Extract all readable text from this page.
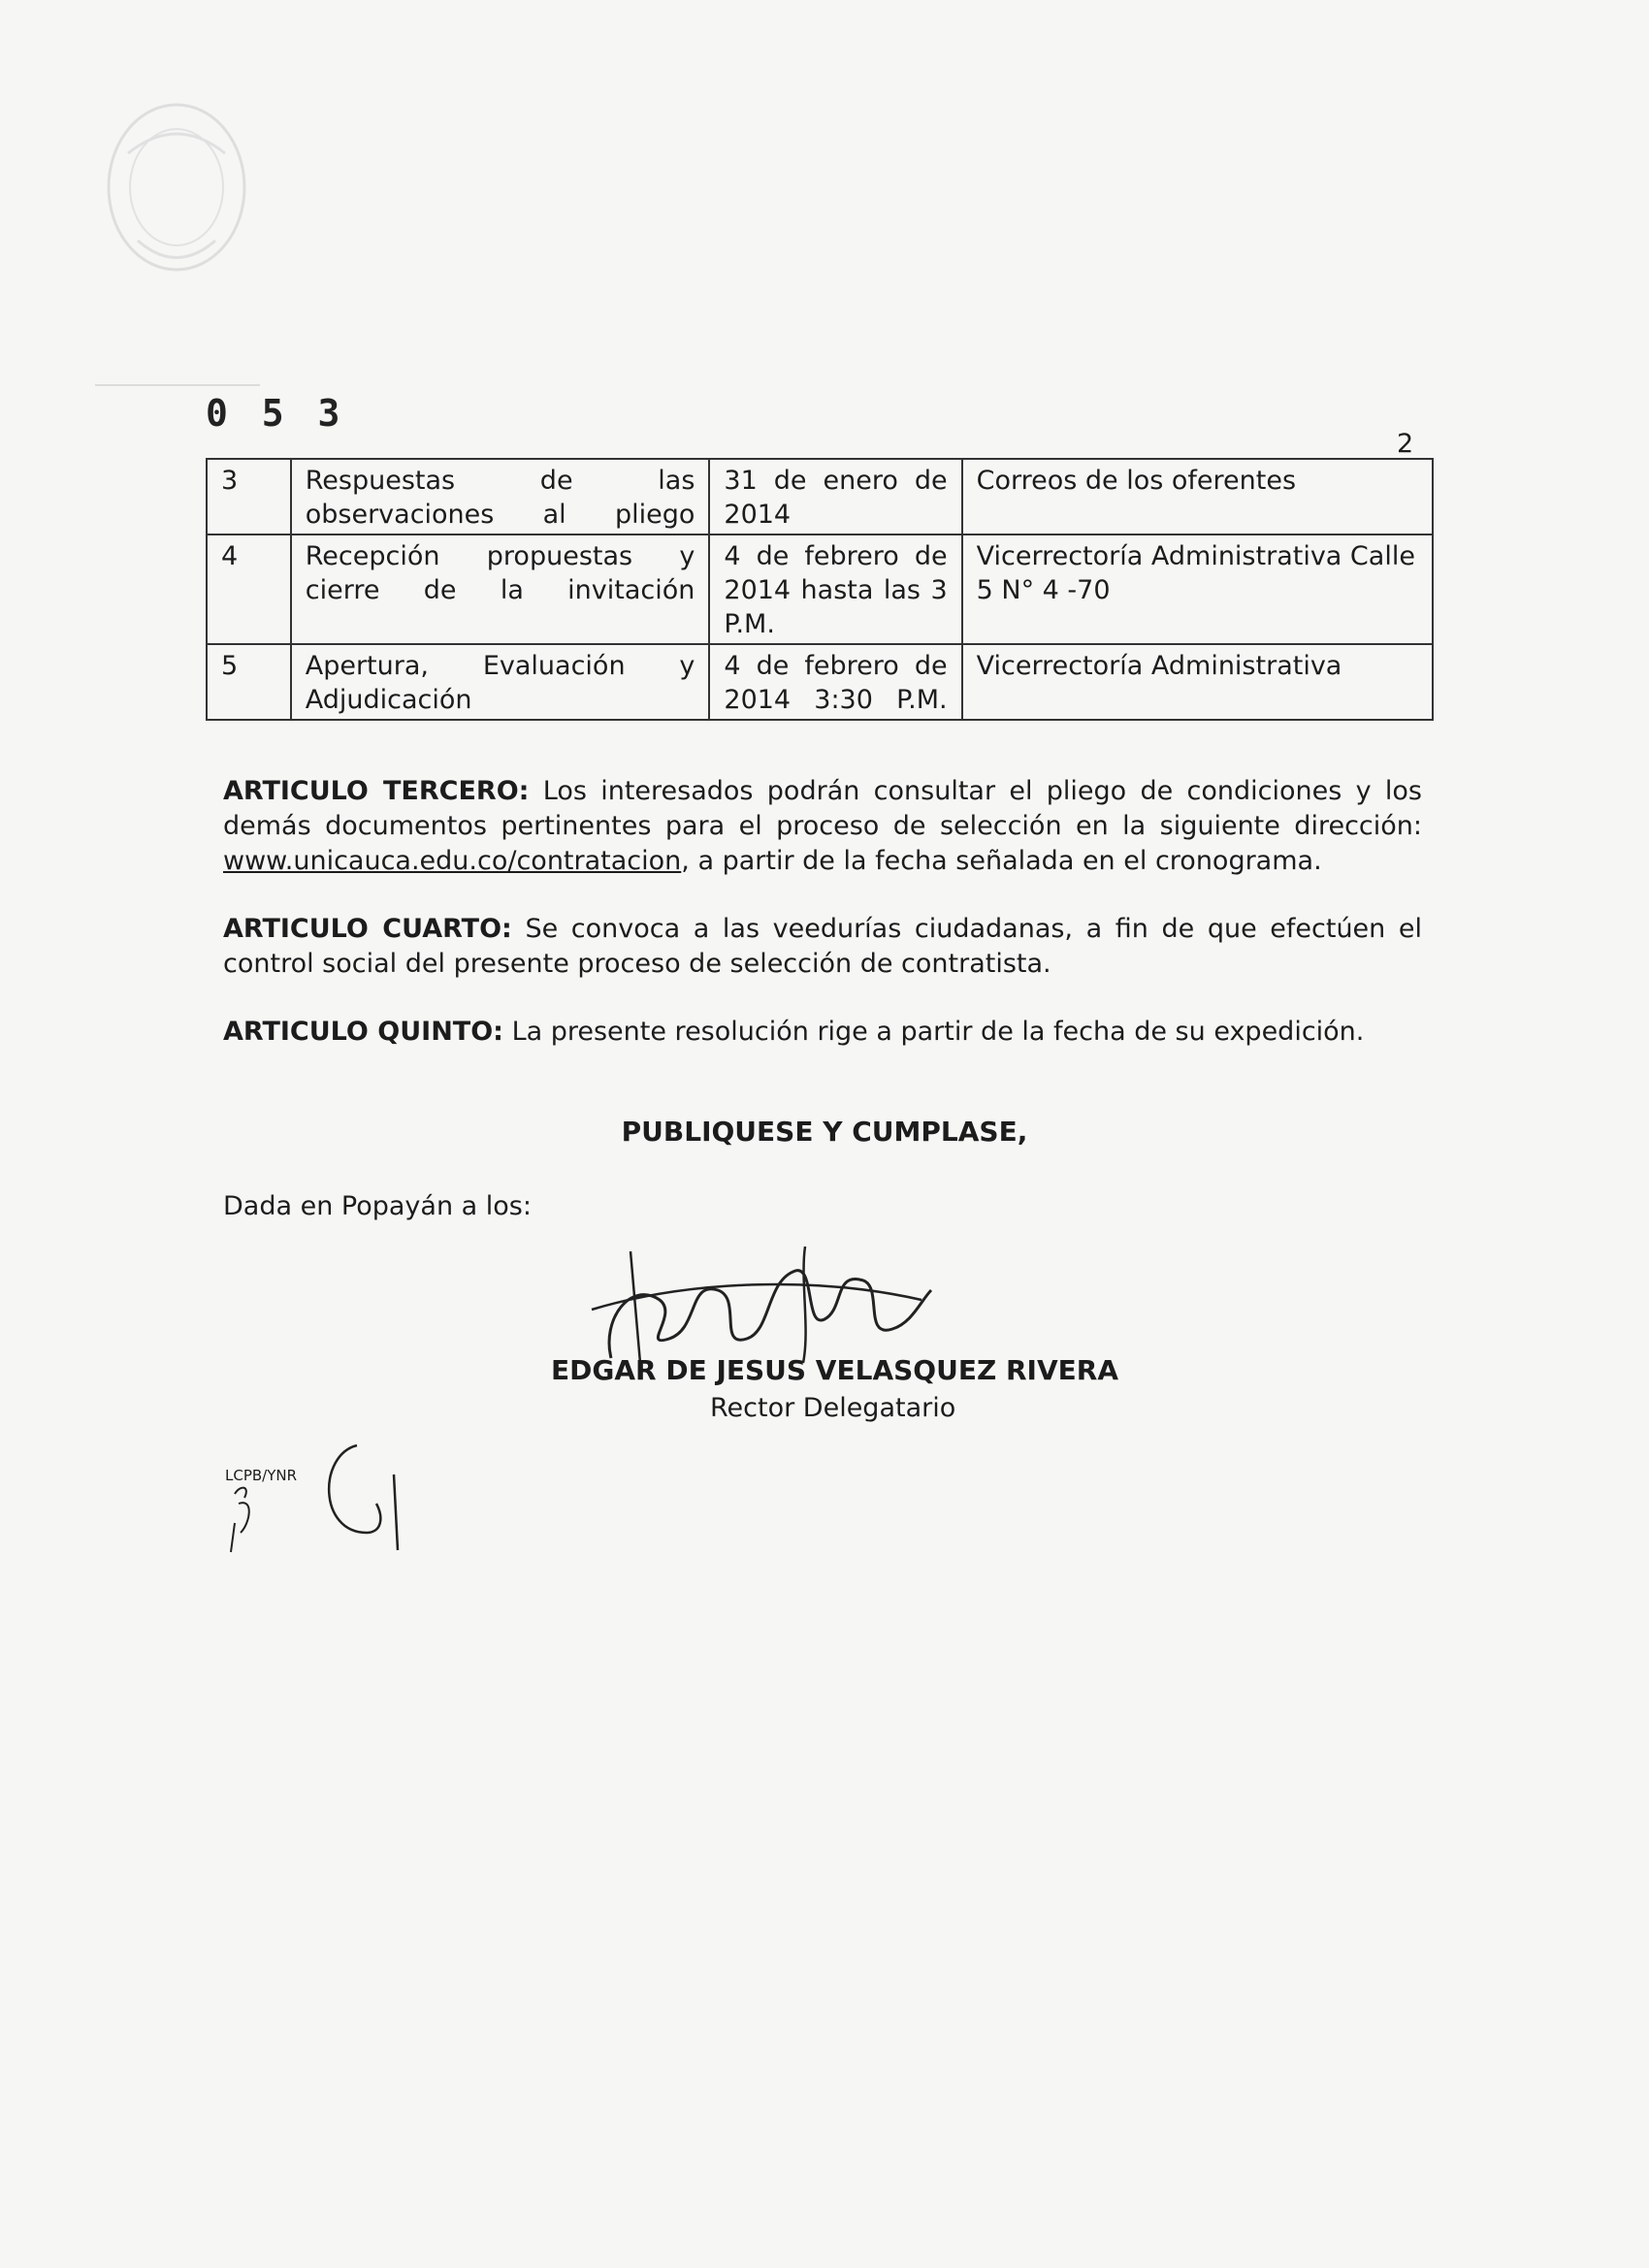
0 5 3
2
3	Respuestas de las observaciones al pliego	31 de enero de 2014	Correos de los oferentes
4	Recepción propuestas y cierre de la invitación	4 de febrero de 2014 hasta las 3 P.M.	Vicerrectoría Administrativa Calle 5 N° 4 -70
5	Apertura, Evaluación y Adjudicación	4 de febrero de 2014 3:30 P.M.	Vicerrectoría Administrativa
ARTICULO TERCERO: Los interesados podrán consultar el pliego de condiciones y los demás documentos pertinentes para el proceso de selección en la siguiente dirección: www.unicauca.edu.co/contratacion, a partir de la fecha señalada en el cronograma.
ARTICULO CUARTO: Se convoca a las veedurías ciudadanas, a fin de que efectúen el control social del presente proceso de selección de contratista.
ARTICULO QUINTO: La presente resolución rige a partir de la fecha de su expedición.
PUBLIQUESE Y CUMPLASE,
Dada en Popayán a los:
EDGAR DE JESUS VELASQUEZ RIVERA
Rector Delegatario
LCPB/YNR
